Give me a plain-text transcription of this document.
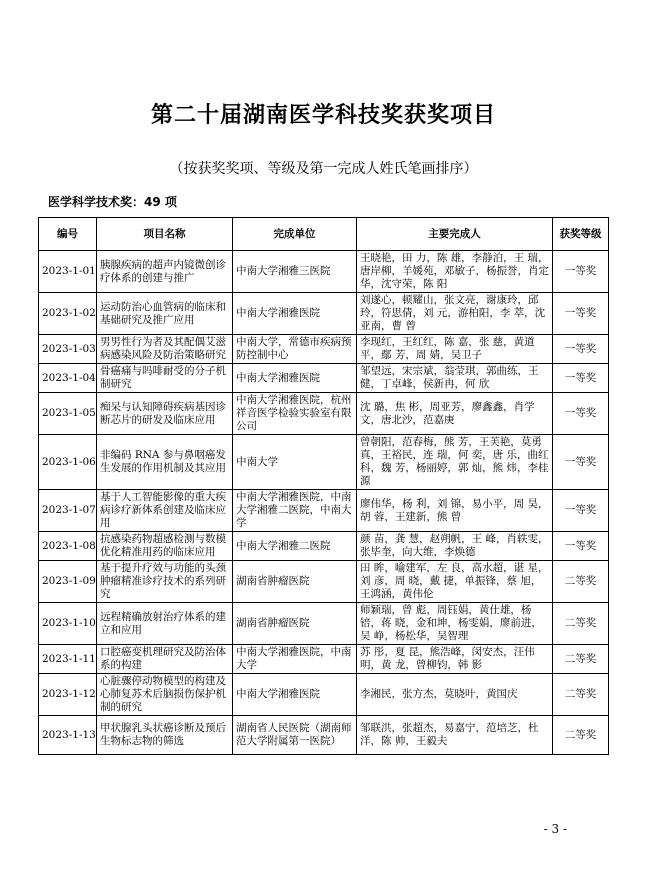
第二十届湖南医学科技奖获奖项目
（按获奖奖项、等级及第一完成人姓氏笔画排序）
医学科学技术奖：49 项
编号	项目名称	完成单位	主要完成人	获奖等级
2023-1-01	胰腺疾病的超声内镜微创诊疗体系的创建与推广	中南大学湘雅三医院	王晓艳，田 力，陈 雄，李静泊，王 瑞，唐岸柳，羊媛苑，邓敏子，杨振誉，肖定华，沈守荣，陈 阳	一等奖
2023-1-02	运动防治心血管病的临床和基础研究及推广应用	中南大学湘雅医院	刘遂心，顿耀山，张文亮，谢康玲，邱 玲，符思倩，刘 元，游柏阳，李 萃，沈亚南，曹 曾	一等奖
2023-1-03	男男性行为者及其配偶艾滋病感染风险及防治策略研究	中南大学，常德市疾病预防控制中心	李现红，王红红，陈 嘉，张 慈，黄道平，鄢 芳，周 婧，吴卫子	一等奖
2023-1-04	骨癌痛与吗啡耐受的分子机制研究	中南大学湘雅医院	邹望远，宋宗斌，翁莹琪，郭曲练，王 健，丁卓峰，侯新冉，何 欣	一等奖
2023-1-05	痴呆与认知障碍疾病基因诊断芯片的研发及临床应用	中南大学湘雅医院，杭州祥音医学检验实验室有限公司	沈 璐，焦 彬，周亚芳，廖鑫鑫，肖学文，唐北沙，范嘉庚	一等奖
2023-1-06	非编码 RNA 参与鼻咽癌发生发展的作用机制及其应用	中南大学	曾朝阳，范春梅，熊 芳，王芙艳，莫勇真，王裕民，连 瑞，何 奕，唐 乐，曲红科，魏 芳，杨丽婷，郭 灿，熊 炜，李桂源	一等奖
2023-1-07	基于人工智能影像的重大疾病诊疗新体系创建及临床应用	中南大学湘雅医院，中南大学湘雅二医院，中南大学	廖伟华，杨 利，刘 锦，易小平，周 昊，胡 蓉，王建新，熊 曾	一等奖
2023-1-08	抗感染药物超感检测与数模优化精准用药的临床应用	中南大学湘雅二医院	颜 苗，龚 慧，赵朔帆，王 峰，肖轶雯，张毕奎，向大维，李焕德	一等奖
2023-1-09	基于提升疗效与功能的头颈肿瘤精准诊疗技术的系列研究	湖南省肿瘤医院	田 眸，喻建军，左 良，高水超，谌 星，刘 彦，周 晓，戴 捷，单振锋，蔡 旭，王鸿涵，黄伟伦	二等奖
2023-1-10	远程精确放射治疗体系的建立和应用	湖南省肿瘤医院	师颖瑞，曾 彪，周钰娟，黄仕雄，杨 锫，蒋 晓，金和坤，杨雯娟，廖前进，吴 峥，杨松华，吴智理	二等奖
2023-1-11	口腔癌变机理研究及防治体系的构建	中南大学湘雅医院，中南大学	苏 彤，夏 昆，熊浩峰，闵安杰，汪伟明，黄 龙，曾柳钧，韩 影	二等奖
2023-1-12	心脏骤停动物模型的构建及心肺复苏术后脑损伤保护机制的研究	中南大学湘雅医院	李湘民，张方杰，莫晓叶，黄国庆	二等奖
2023-1-13	甲状腺乳头状癌诊断及预后生物标志物的筛选	湖南省人民医院（湖南师范大学附属第一医院）	邹联洪，张超杰，易嘉宁，范培芝，杜 洋，陈 帅，王毅夫	二等奖
- 3 -
